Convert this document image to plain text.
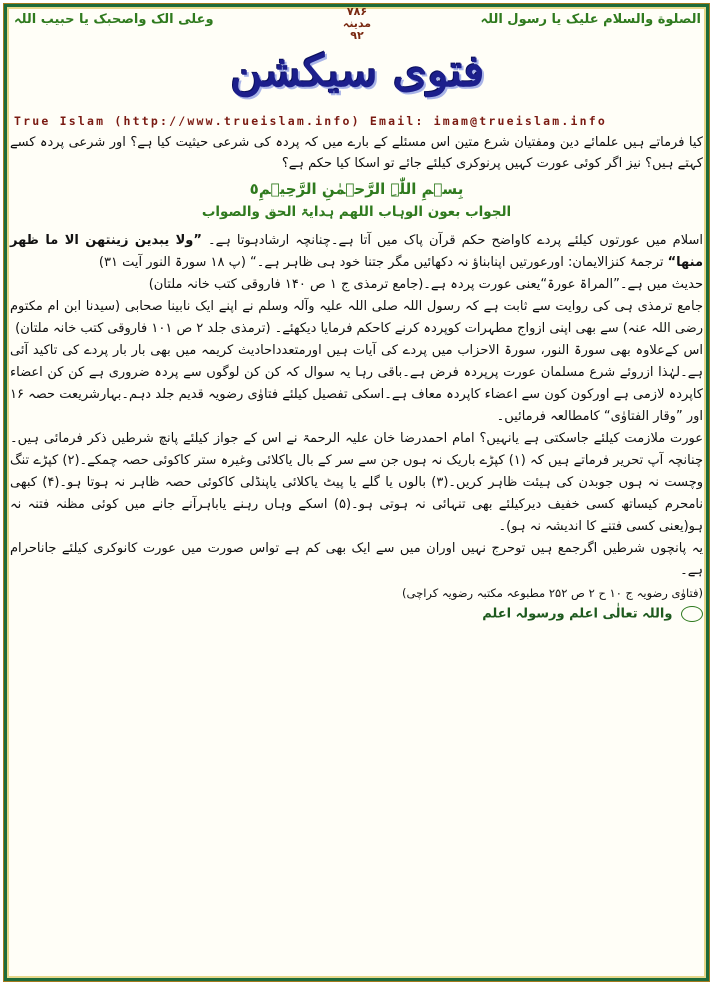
الصلوة والسلام علیک یا رسول اللہ
وعلی الک واصحبک یا حبیب اللہ
۷۸۶
مدینہ
۹۲
فتوی سیکشن
True Islam (http://www.trueislam.info) Email: imam@trueislam.info

کیا فرماتے ہیں علمائے دین ومفتیان شرع متین اس مسئلے کے بارے میں کہ پردہ کی شرعی حیثیت کیا ہے؟ اور شرعی پردہ کسے کہتے ہیں؟ نیز اگر کوئی عورت کہیں پرنوکری کیلئے جائے تو اسکا کیا حکم ہے؟

بِسۡمِ اللّٰہِ الرَّحۡمٰنِ الرَّحِیۡمِ٥
الجواب بعون الوہاب اللھم ہدایۃ الحق والصواب

اسلام میں عورتوں کیلئے پردے کاواضح حکم قرآن پاک میں آتا ہے۔چنانچہ ارشادہوتا ہے۔ ”ولا یبدین زینتھن الا ما ظھر منھا“ ترجمۂ کنزالایمان: اورعورتیں اپنابناؤ نہ دکھائیں مگر جتنا خود ہی ظاہر ہے۔“ (پ ۱۸ سورۃ النور آیت ۳۱)

حدیث میں ہے۔”المراۃ عورۃ“یعنی عورت پردہ ہے۔(جامع ترمذی ج ۱ ص ۱۴۰ فاروقی کتب خانہ ملتان)

جامع ترمذی ہی کی روایت سے ثابت ہے کہ رسول اللہ صلی اللہ علیہ وآلہ وسلم نے اپنے ایک نابینا صحابی (سیدنا ابن ام مکتوم رضی اللہ عنہ) سے بھی اپنی ازواج مطہرات کوپردہ کرنے کاحکم فرمایا دیکھئے۔ (ترمذی جلد ۲ ص ۱۰۱ فاروقی کتب خانہ ملتان)

اس کےعلاوہ بھی سورۃ النور، سورۃ الاحزاب میں پردے کی آیات ہیں اورمتعدداحادیث کریمہ میں بھی بار بار پردے کی تاکید آئی ہے۔لہٰذا ازروئے شرع مسلمان عورت پرپردہ فرض ہے۔باقی رہا یہ سوال کہ کن کن لوگوں سے پردہ ضروری ہے کن کن اعضاء کاپردہ لازمی ہے اورکون کون سے اعضاء کاپردہ معاف ہے۔اسکی تفصیل کیلئے فتاوٰی رضویہ قدیم جلد دہم۔بہارشریعت حصہ ۱۶ اور ”وقار الفتاوٰی“ کامطالعہ فرمائیں۔

عورت ملازمت کیلئے جاسکتی ہے یانہیں؟ امام احمدرضا خان علیہ الرحمۃ نے اس کے جواز کیلئے پانچ شرطیں ذکر فرمائی ہیں۔چنانچہ آپ تحریر فرماتے ہیں کہ (۱) کپڑے باریک نہ ہوں جن سے سر کے بال یاکلائی وغیرہ ستر کاکوئی حصہ چمکے۔(۲) کپڑے تنگ وچست نہ ہوں جوبدن کی ہیئت ظاہر کریں۔(۳) بالوں یا گلے یا پیٹ یاکلائی یاپنڈلی کاکوئی حصہ ظاہر نہ ہوتا ہو۔(۴) کبھی نامحرم کیساتھ کسی خفیف دیرکیلئے بھی تنہائی نہ ہوتی ہو۔(۵) اسکے وہاں رہنے یاباہرآنے جانے میں کوئی مظنہ فتنہ نہ ہو(یعنی کسی فتنے کا اندیشہ نہ ہو)۔

یہ پانچوں شرطیں اگرجمع ہیں توحرج نہیں اوران میں سے ایک بھی کم ہے تواس صورت میں عورت کانوکری کیلئے جاناحرام ہے۔

(فتاوٰی رضویہ ج ۱۰ ح ۲ ص ۲۵۲ مطبوعہ مکتبہ رضویہ کراچی)

واللہ تعالٰی اعلم ورسولہ اعلم
